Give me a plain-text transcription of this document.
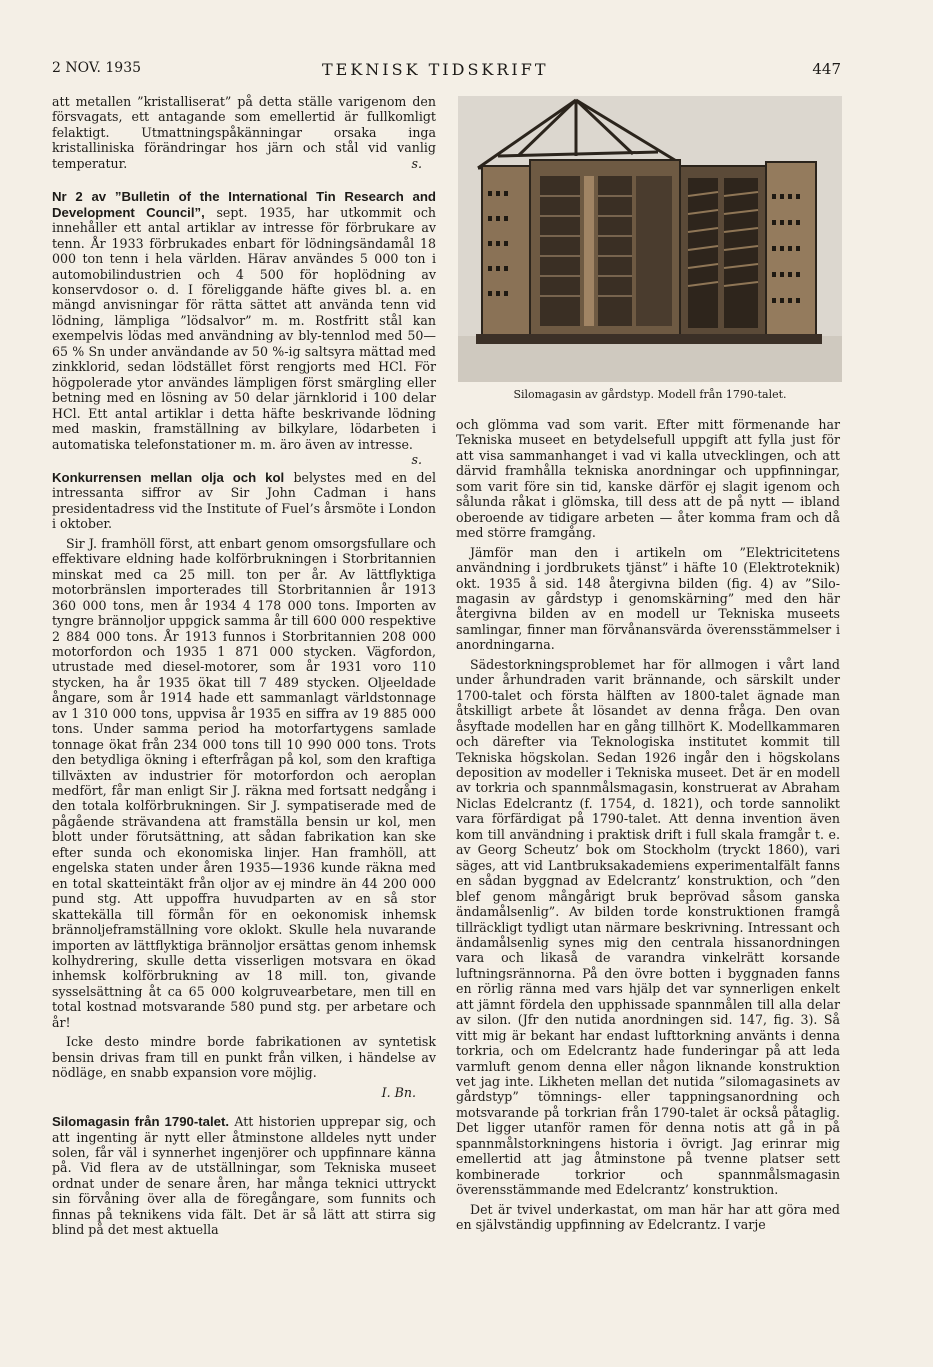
2 NOV. 1935	TEKNISK TIDSKRIFT	447

att metallen ”kristalliserat” på detta ställe varigenom den försvagats, ett antagande som emellertid är fullkomligt felaktigt. Utmattningspåkänningar orsaka inga kristalliniska förändringar hos järn och stål vid vanlig temperatur.	s.

Nr 2 av ”Bulletin of the International Tin Research and Development Council”, sept. 1935, har utkommit och innehåller ett antal artiklar av intresse för förbrukare av tenn. År 1933 förbrukades enbart för lödningsändamål 18 000 ton tenn i hela världen. Härav användes 5 000 ton i automobilindustrien och 4 500 för hoplödning av konservdosor o. d. I föreliggande häfte gives bl. a. en mängd anvisningar för rätta sättet att använda tenn vid lödning, lämpliga ”lödsalvor” m. m. Rostfritt stål kan exempelvis lödas med användning av bly-tennlod med 50—65 % Sn under användande av 50 %-ig saltsyra mättad med zinkklorid, sedan lödstället först rengjorts med HCl. För högpolerade ytor användes lämpligen först smärgling eller betning med en lösning av 50 delar järnklorid i 100 delar HCl. Ett antal artiklar i detta häfte beskrivande lödning med maskin, framställning av bilkylare, lödarbeten i automatiska telefonstationer m. m. äro även av intresse.
s.

Konkurrensen mellan olja och kol belystes med en del intressanta siffror av Sir John Cadman i hans presidentadress vid the Institute of Fuel’s årsmöte i London i oktober.

Sir J. framhöll först, att enbart genom omsorgsfullare och effektivare eldning hade kolförbrukningen i Storbritannien minskat med ca 25 mill. ton per år. Av lättflyktiga motorbränslen importerades till Storbritannien år 1913 360 000 tons, men år 1934 4 178 000 tons. Importen av tyngre brännoljor uppgick samma år till 600 000 respektive 2 884 000 tons. År 1913 funnos i Storbritannien 208 000 motorfordon och 1935 1 871 000 stycken. Vägfordon, utrustade med diesel-motorer, som år 1931 voro 110 stycken, ha år 1935 ökat till 7 489 stycken. Oljeeldade ångare, som år 1914 hade ett sammanlagt världstonnage av 1 310 000 tons, uppvisa år 1935 en siffra av 19 885 000 tons. Under samma period ha motorfartygens samlade tonnage ökat från 234 000 tons till 10 990 000 tons. Trots den betydliga ökning i efterfrågan på kol, som den kraftiga tillväxten av industrier för motorfordon och aeroplan medfört, får man enligt Sir J. räkna med fortsatt nedgång i den totala kolförbrukningen. Sir J. sympatiserade med de pågående strävandena att framställa bensin ur kol, men blott under förutsättning, att sådan fabrikation kan ske efter sunda och ekonomiska linjer. Han framhöll, att engelska staten under åren 1935—1936 kunde räkna med en total skatteintäkt från oljor av ej mindre än 44 200 000 pund stg. Att uppoffra huvudparten av en så stor skattekälla till förmån för en oekonomisk inhemsk brännoljeframställning vore oklokt. Skulle hela nuvarande importen av lättflyktiga brännoljor ersättas genom inhemsk kolhydrering, skulle detta visserligen motsvara en ökad inhemsk kolförbrukning av 18 mill. ton, givande sysselsättning åt ca 65 000 kolgruvearbetare, men till en total kostnad motsvarande 580 pund stg. per arbetare och år!

Icke desto mindre borde fabrikationen av syntetisk bensin drivas fram till en punkt från vilken, i händelse av nödläge, en snabb expansion vore möjlig.

I. Bn.

Silomagasin från 1790-talet. Att historien upprepar sig, och att ingenting är nytt eller åtminstone alldeles nytt under solen, får väl i synnerhet ingenjörer och uppfinnare känna på. Vid flera av de utställningar, som Tekniska museet ordnat under de senare åren, har många teknici uttryckt sin förvåning över alla de föregångare, som funnits och finnas på teknikens vida fält. Det är så lätt att stirra sig blind på det mest aktuella

Silomagasin av gårdstyp. Modell från 1790-talet.

och glömma vad som varit. Efter mitt förmenande har Tekniska museet en betydelsefull uppgift att fylla just för att visa sammanhanget i vad vi kalla utvecklingen, och att därvid framhålla tekniska anordningar och uppfinningar, som varit före sin tid, kanske därför ej slagit igenom och sålunda råkat i glömska, till dess att de på nytt — ibland oberoende av tidigare arbeten — åter komma fram och då med större framgång.

Jämför man den i artikeln om ”Elektricitetens användning i jordbrukets tjänst” i häfte 10 (Elektroteknik) okt. 1935 å sid. 148 återgivna bilden (fig. 4) av ”Silo-magasin av gårdstyp i genomskärning” med den här återgivna bilden av en modell ur Tekniska museets samlingar, finner man förvånansvärda överensstämmelser i anordningarna.

Sädestorkningsproblemet har för allmogen i vårt land under århundraden varit brännande, och särskilt under 1700-talet och första hälften av 1800-talet ägnade man åtskilligt arbete åt lösandet av denna fråga. Den ovan åsyftade modellen har en gång tillhört K. Modellkammaren och därefter via Teknologiska institutet kommit till Tekniska högskolan. Sedan 1926 ingår den i högskolans deposition av modeller i Tekniska museet. Det är en modell av torkria och spannmålsmagasin, konstruerat av Abraham Niclas Edelcrantz (f. 1754, d. 1821), och torde sannolikt vara förfärdigat på 1790-talet. Att denna invention även kom till användning i praktisk drift i full skala framgår t. e. av Georg Scheutz’ bok om Stockholm (tryckt 1860), vari säges, att vid Lantbruksakademiens experimentalfält fanns en sådan byggnad av Edelcrantz’ konstruktion, och ”den blef genom mångårigt bruk beprövad såsom ganska ändamålsenlig”. Av bilden torde konstruktionen framgå tillräckligt tydligt utan närmare beskrivning. Intressant och ändamålsenlig synes mig den centrala hissanordningen vara och likaså de varandra vinkelrätt korsande luftningsrännorna. På den övre botten i byggnaden fanns en rörlig ränna med vars hjälp det var synnerligen enkelt att jämnt fördela den upphissade spannmålen till alla delar av silon. (Jfr den nutida anordningen sid. 147, fig. 3). Så vitt mig är bekant har endast lufttorkning använts i denna torkria, och om Edelcrantz hade funderingar på att leda varmluft genom denna eller någon liknande konstruktion vet jag inte. Likheten mellan det nutida ”silomagasinets av gårdstyp” tömnings- eller tappningsanordning och motsvarande på torkrian från 1790-talet är också påtaglig. Det ligger utanför ramen för denna notis att gå in på spannmålstorkningens historia i övrigt. Jag erinrar mig emellertid att jag åtminstone på tvenne platser sett kombinerade torkrior och spannmålsmagasin överensstämmande med Edelcrantz’ konstruktion.

Det är tvivel underkastat, om man här har att göra med en självständig uppfinning av Edelcrantz. I varje
